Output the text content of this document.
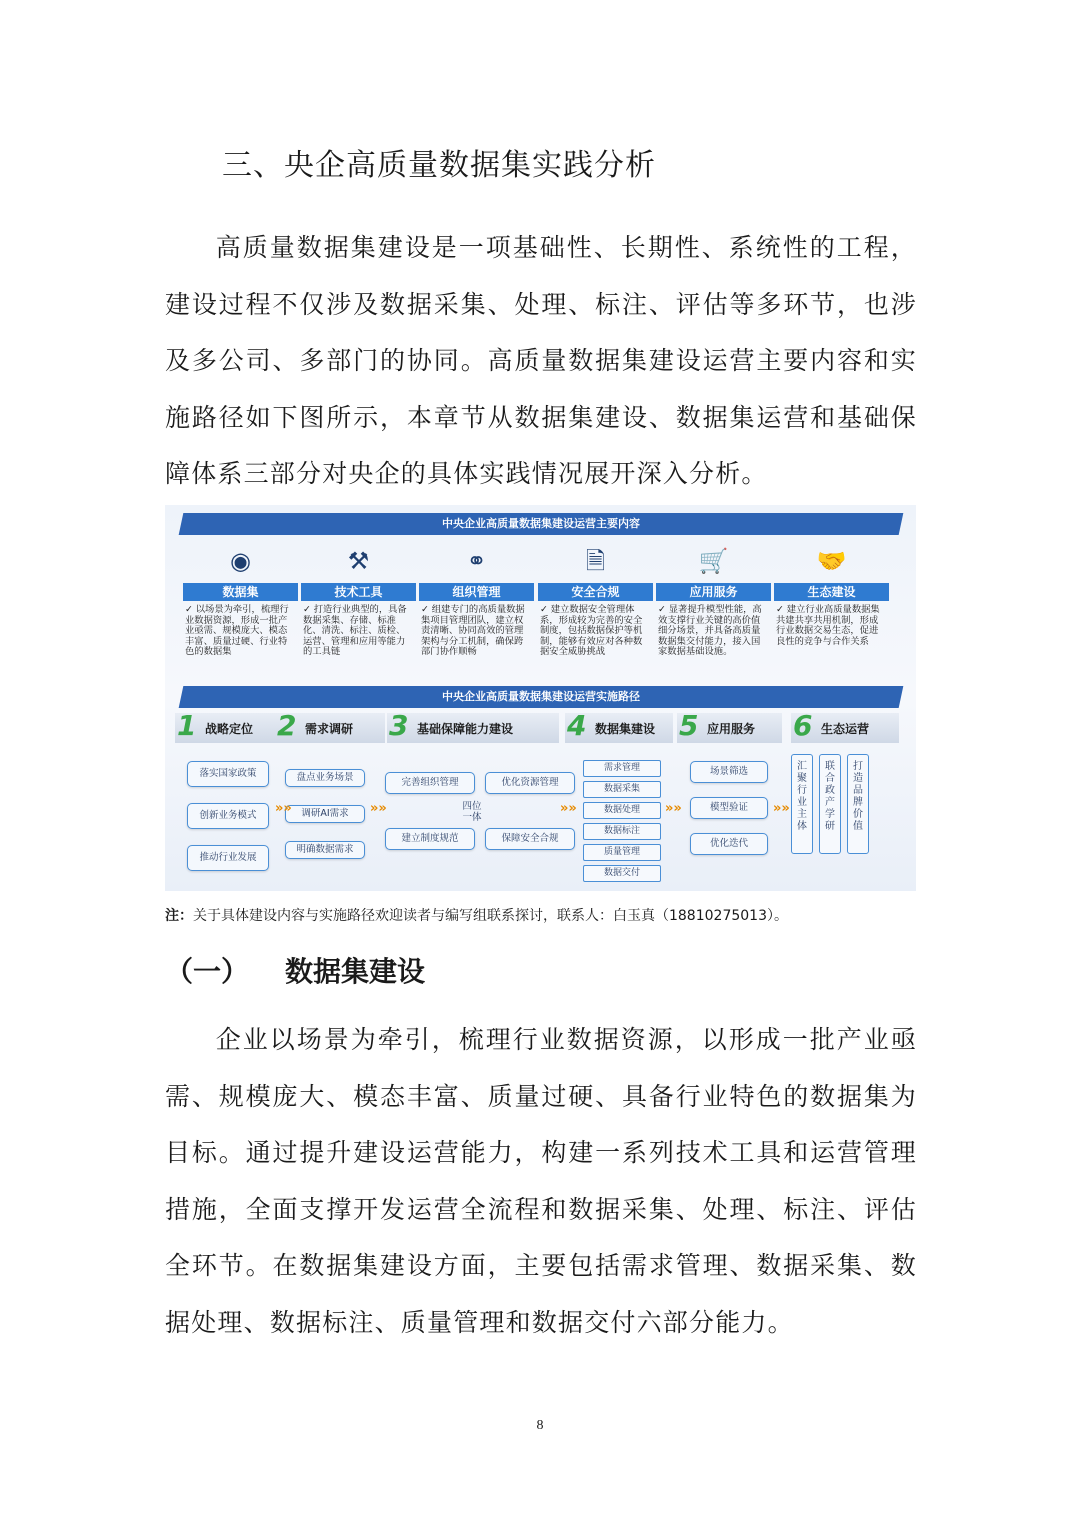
三、央企高质量数据集实践分析
高质量数据集建设是一项基础性、长期性、系统性的工程，建设过程不仅涉及数据采集、处理、标注、评估等多环节，也涉及多公司、多部门的协同。高质量数据集建设运营主要内容和实施路径如下图所示，本章节从数据集建设、数据集运营和基础保障体系三部分对央企的具体实践情况展开深入分析。
中央企业高质量数据集建设运营主要内容
◉
数据集
✓ 以场景为牵引，梳理行业数据资源，形成一批产业亟需、规模庞大、模态丰富、质量过硬、行业特色的数据集
⚒
技术工具
✓ 打造行业典型的，具备数据采集、存储、标准化、清洗、标注、质检、运营、管理和应用等能力的工具链
⚭
组织管理
✓ 组建专门的高质量数据集项目管理团队，建立权责清晰、协同高效的管理架构与分工机制，确保跨部门协作顺畅
🗎
安全合规
✓ 建立数据安全管理体系，形成较为完善的安全制度，包括数据保护等机制，能够有效应对各种数据安全威胁挑战
🛒
应用服务
✓ 显著提升模型性能，高效支撑行业关键的高价值细分场景，并具备高质量数据集交付能力，接入国家数据基础设施。
🤝
生态建设
✓ 建立行业高质量数据集共建共享共用机制，形成行业数据交易生态，促进良性的竞争与合作关系
中央企业高质量数据集建设运营实施路径
1 战略定位 2 需求调研 3 基础保障能力建设 4 数据集建设 5 应用服务 6 生态运营
落实国家政策
创新业务模式
推动行业发展
盘点业务场景
调研AI需求
明确数据需求
完善组织管理	优化资源管理
建立制度规范	保障安全合规
四位
一体
需求管理
数据采集
数据处理
数据标注
质量管理
数据交付
场景筛选
模型验证
优化迭代
汇
聚
行
业
主
体
联
合
政
产
学
研
打
造
品
牌
价
值
»»	»»	»»	»»	»»
注：关于具体建设内容与实施路径欢迎读者与编写组联系探讨，联系人：白玉真（18810275013）。
（一） 数据集建设
企业以场景为牵引，梳理行业数据资源，以形成一批产业亟需、规模庞大、模态丰富、质量过硬、具备行业特色的数据集为目标。通过提升建设运营能力，构建一系列技术工具和运营管理措施，全面支撑开发运营全流程和数据采集、处理、标注、评估全环节。在数据集建设方面，主要包括需求管理、数据采集、数据处理、数据标注、质量管理和数据交付六部分能力。
8
